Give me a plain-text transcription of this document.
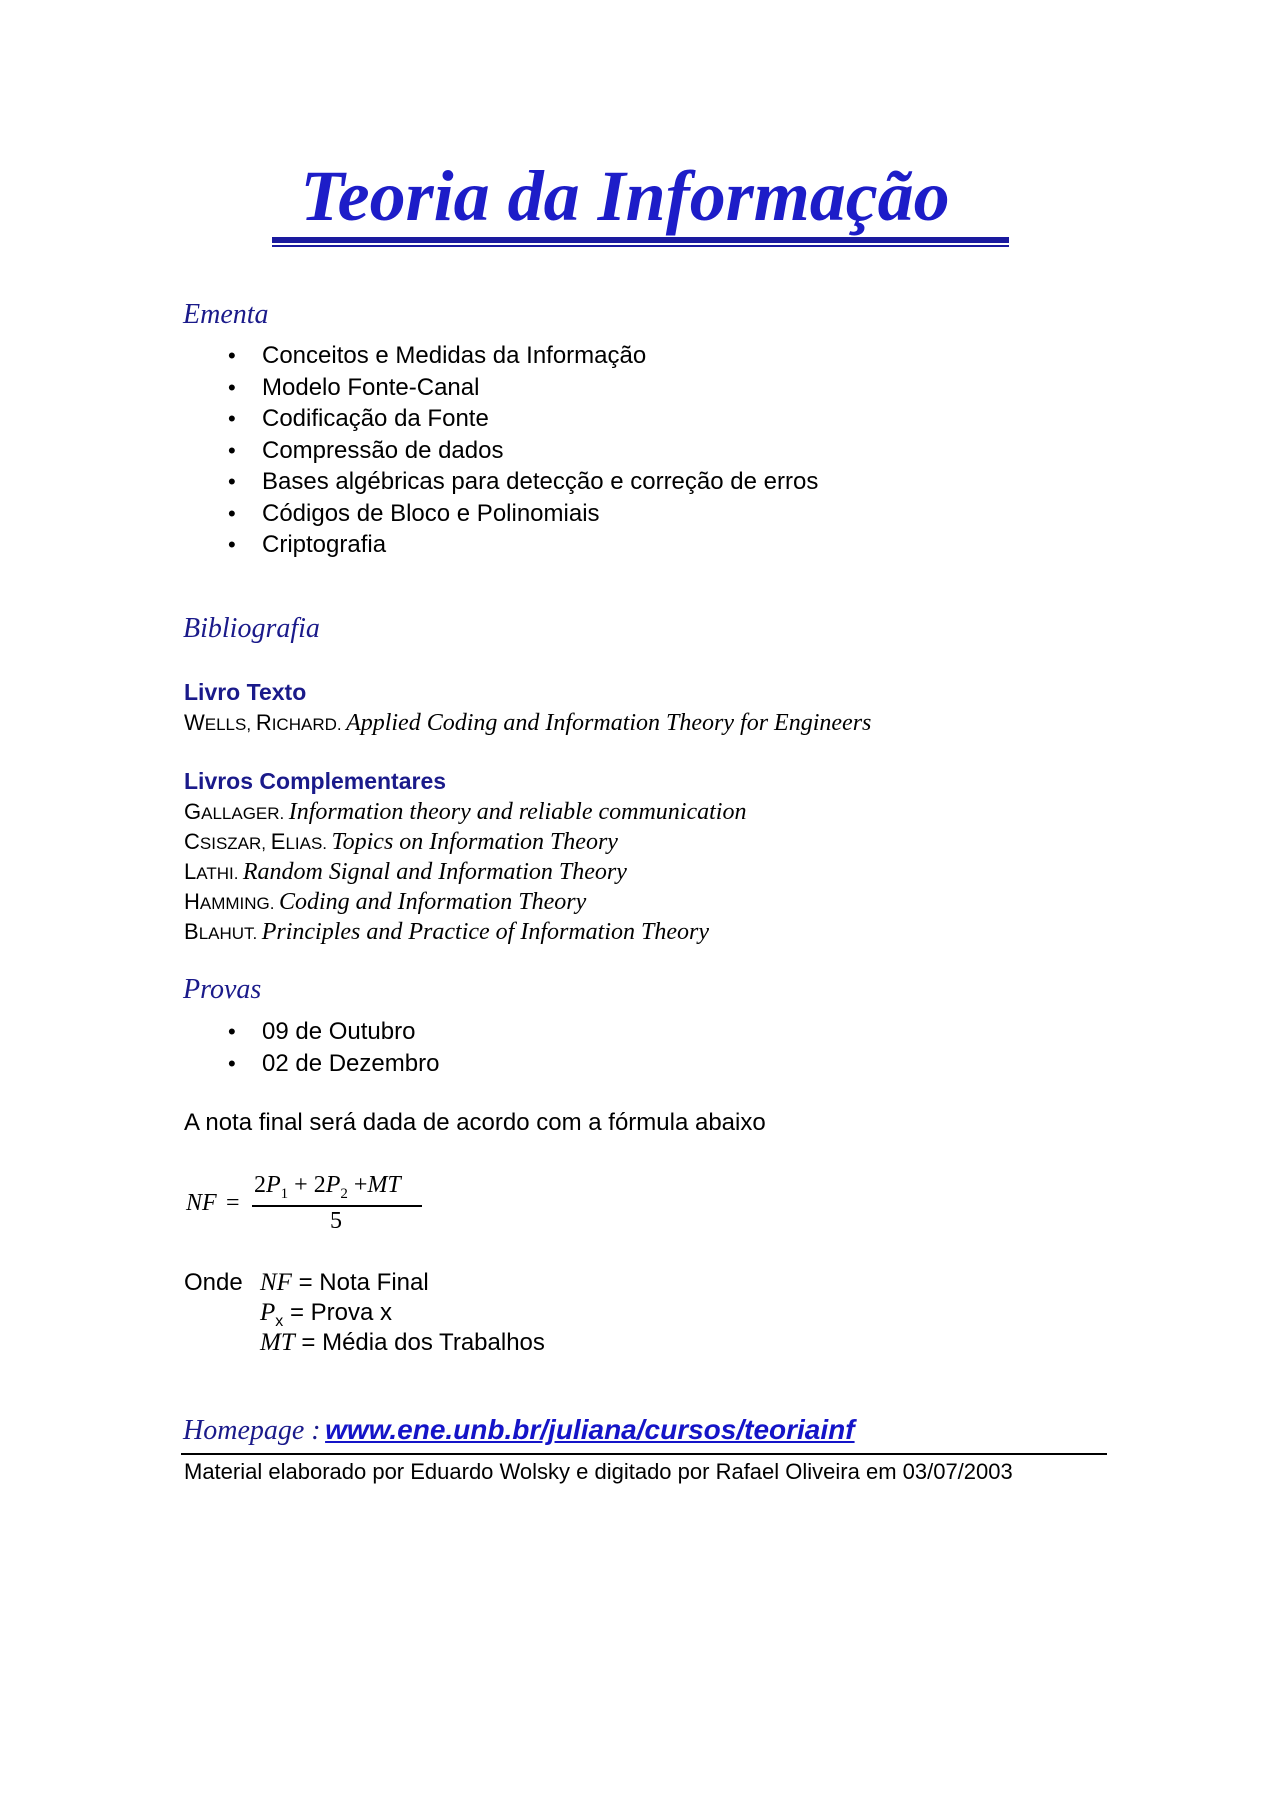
Teoria da Informação
Ementa
• Conceitos e Medidas da Informação
• Modelo Fonte-Canal
• Codificação da Fonte
• Compressão de dados
• Bases algébricas para detecção e correção de erros
• Códigos de Bloco e Polinomiais
• Criptografia
Bibliografia
Livro Texto
WELLS, RICHARD. Applied Coding and Information Theory for Engineers
Livros Complementares
GALLAGER. Information theory and reliable communication
CSISZAR, ELIAS. Topics on Information Theory
LATHI. Random Signal and Information Theory
HAMMING. Coding and Information Theory
BLAHUT. Principles and Practice of Information Theory
Provas
• 09 de Outubro
• 02 de Dezembro
A nota final será dada de acordo com a fórmula abaixo
NF =
$2P_1 + 2P_2 +MT$
5
Onde NF = Nota Final
$P_x$ = Prova x
MT = Média dos Trabalhos
Homepage : www.ene.unb.br/juliana/cursos/teoriainf
Material elaborado por Eduardo Wolsky e digitado por Rafael Oliveira em 03/07/2003
